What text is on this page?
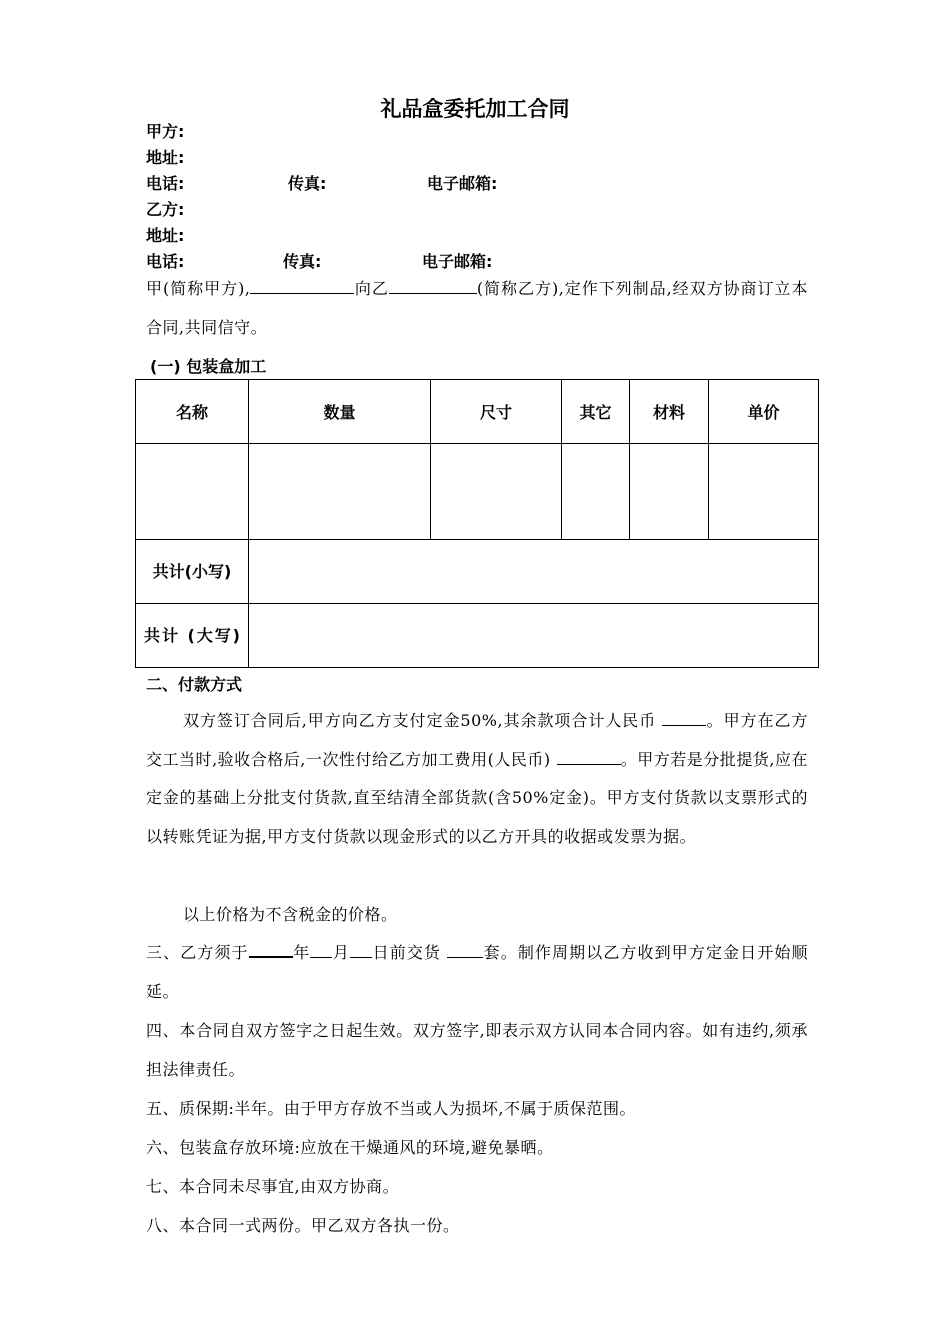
礼品盒委托加工合同
甲方:
地址:
电话:	传真:	电子邮箱:
乙方:
地址:
电话:	传真:	电子邮箱:
甲(简称甲方),	向乙	(简称乙方),定作下列制品,经双方协商订立本合同,共同信守。
(一) 包装盒加工
名称	数量	尺寸	其它	材料	单价

共计(小写)					
共计 (大写)					
二、付款方式
双方签订合同后,甲方向乙方支付定金50%,其余款项合计人民币	。甲方在乙方交工当时,验收合格后,一次性付给乙方加工费用(人民币)	。甲方若是分批提货,应在定金的基础上分批支付货款,直至结清全部货款(含50%定金)。甲方支付货款以支票形式的以转账凭证为据,甲方支付货款以现金形式的以乙方开具的收据或发票为据。
以上价格为不含税金的价格。
三、乙方须于	年 月 日前交货	套。制作周期以乙方收到甲方定金日开始顺延。
四、本合同自双方签字之日起生效。双方签字,即表示双方认同本合同内容。如有违约,须承担法律责任。
五、质保期:半年。由于甲方存放不当或人为损坏,不属于质保范围。
六、包装盒存放环境:应放在干燥通风的环境,避免暴晒。
七、本合同未尽事宜,由双方协商。
八、本合同一式两份。甲乙双方各执一份。
